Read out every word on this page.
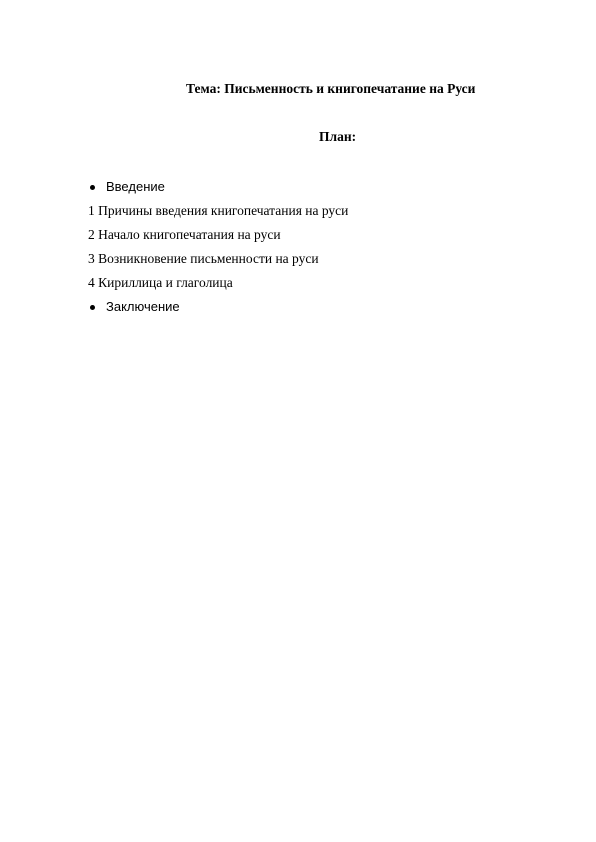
Тема: Письменность и книгопечатание на Руси
План:
Введение
1 Причины введения книгопечатания на руси
2 Начало книгопечатания на руси
3 Возникновение письменности на руси
4 Кириллица и глаголица
Заключение
